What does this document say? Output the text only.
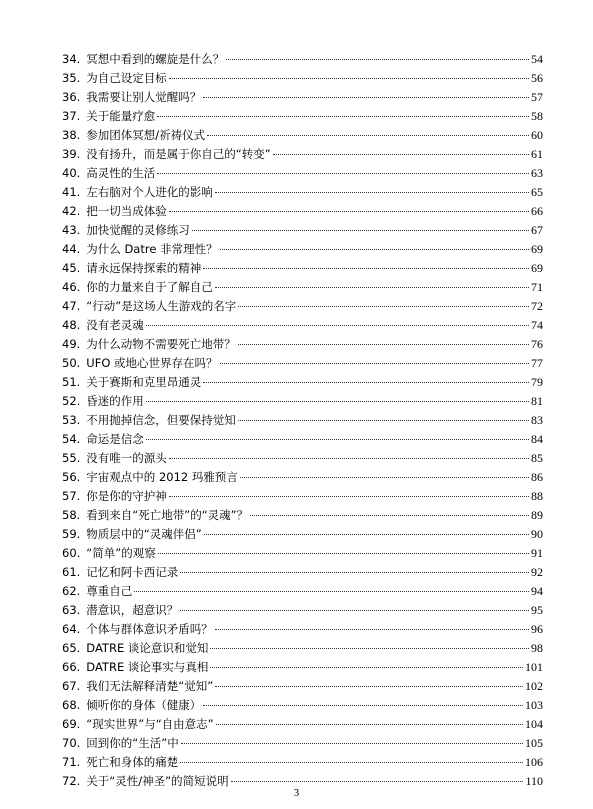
34. 冥想中看到的螺旋是什么？	54
35. 为自己设定目标	56
36. 我需要让别人觉醒吗？	57
37. 关于能量疗愈	58
38. 参加团体冥想/祈祷仪式	60
39. 没有扬升，而是属于你自己的“转变”	61
40. 高灵性的生活	63
41. 左右脑对个人进化的影响	65
42. 把一切当成体验	66
43. 加快觉醒的灵修练习	67
44. 为什么 Datre 非常理性？	69
45. 请永远保持探索的精神	69
46. 你的力量来自于了解自己	71
47. “行动”是这场人生游戏的名字	72
48. 没有老灵魂	74
49. 为什么动物不需要死亡地带？	76
50. UFO 或地心世界存在吗？	77
51. 关于赛斯和克里昂通灵	79
52. 昏迷的作用	81
53. 不用抛掉信念，但要保持觉知	83
54. 命运是信念	84
55. 没有唯一的源头	85
56. 宇宙观点中的 2012 玛雅预言	86
57. 你是你的守护神	88
58. 看到来自“死亡地带”的“灵魂”？	89
59. 物质层中的“灵魂伴侣”	90
60. “简单”的观察	91
61. 记忆和阿卡西记录	92
62. 尊重自己	94
63. 潜意识，超意识？	95
64. 个体与群体意识矛盾吗？	96
65. DATRE 谈论意识和觉知	98
66. DATRE 谈论事实与真相	101
67. 我们无法解释清楚“觉知”	102
68. 倾听你的身体（健康）	103
69. “现实世界”与“自由意志”	104
70. 回到你的“生活”中	105
71. 死亡和身体的痛楚	106
72. 关于“灵性/神圣”的简短说明	110
3
